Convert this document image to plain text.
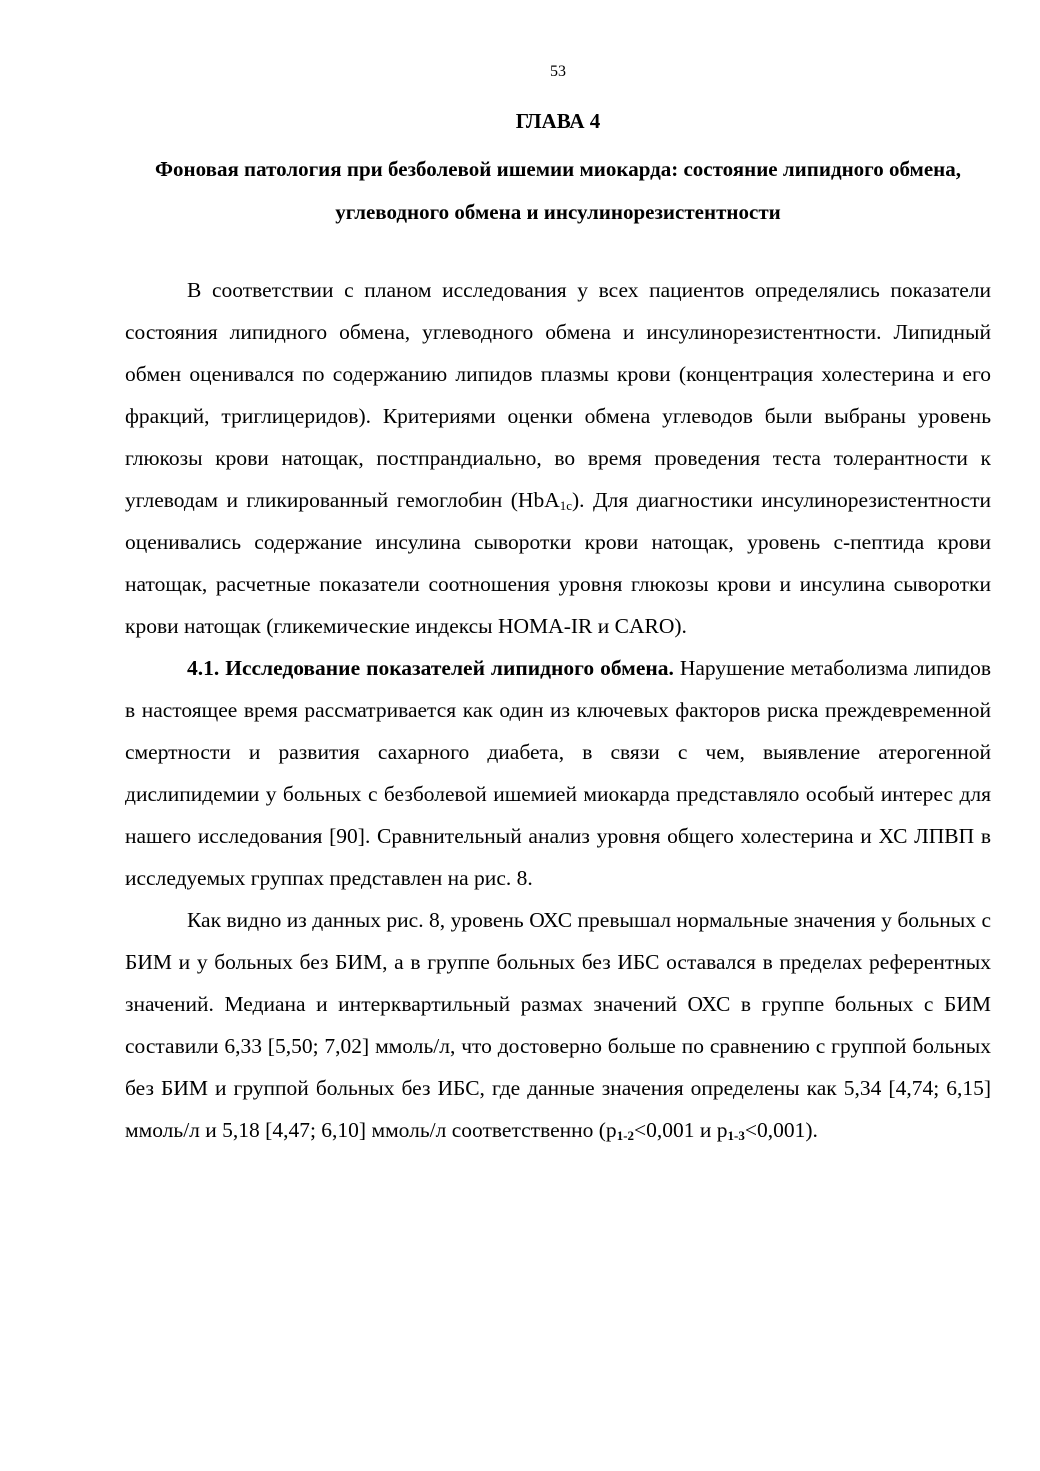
53
ГЛАВА 4
Фоновая патология при безболевой ишемии миокарда: состояние липидного обмена, углеводного обмена и инсулинорезистентности

В соответствии с планом исследования у всех пациентов определялись показатели состояния липидного обмена, углеводного обмена и инсулинорезистентности. Липидный обмен оценивался по содержанию липидов плазмы крови (концентрация холестерина и его фракций, триглицеридов). Критериями оценки обмена углеводов были выбраны уровень глюкозы крови натощак, постпрандиально, во время проведения теста толерантности к углеводам и гликированный гемоглобин (HbA$_{1c}$). Для диагностики инсулинорезистентности оценивались содержание инсулина сыворотки крови натощак, уровень с-пептида крови натощак, расчетные показатели соотношения уровня глюкозы крови и инсулина сыворотки крови натощак (гликемические индексы HOMA-IR и CARO).

4.1. Исследование показателей липидного обмена. Нарушение метаболизма липидов в настоящее время рассматривается как один из ключевых факторов риска преждевременной смертности и развития сахарного диабета, в связи с чем, выявление атерогенной дислипидемии у больных с безболевой ишемией миокарда представляло особый интерес для нашего исследования [90]. Сравнительный анализ уровня общего холестерина и ХС ЛПВП в исследуемых группах представлен на рис. 8.

Как видно из данных рис. 8, уровень ОХС превышал нормальные значения у больных с БИМ и у больных без БИМ, а в группе больных без ИБС оставался в пределах референтных значений. Медиана и интерквартильный размах значений ОХС в группе больных с БИМ составили 6,33 [5,50; 7,02] ммоль/л, что достоверно больше по сравнению с группой больных без БИМ и группой больных без ИБС, где данные значения определены как 5,34 [4,74; 6,15] ммоль/л и 5,18 [4,47; 6,10] ммоль/л соответственно ($р_{1-2}<0,001$ и $р_{1-3}<0,001$).
